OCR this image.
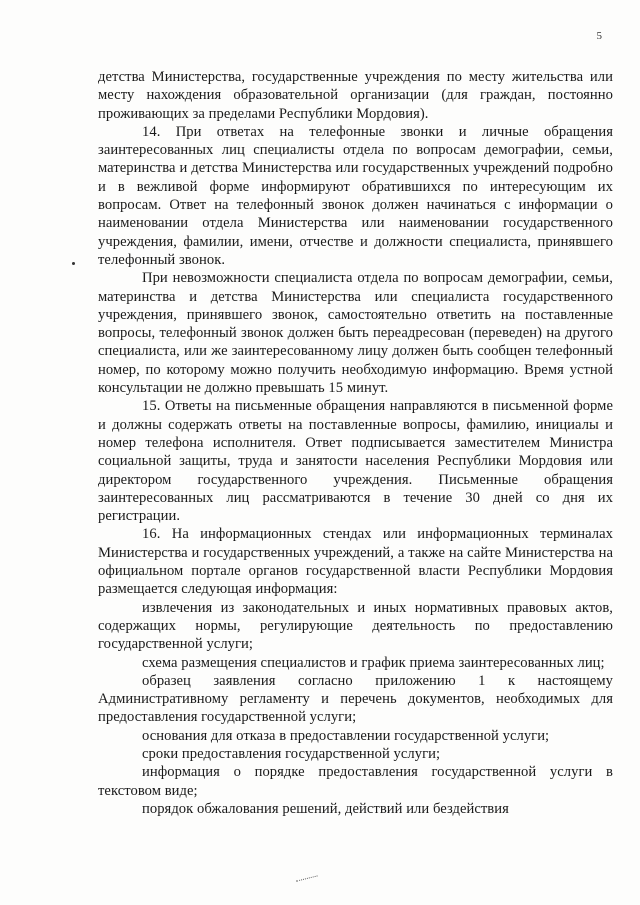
5

детства Министерства, государственные учреждения по месту жительства или месту нахождения образовательной организации (для граждан, постоянно проживающих за пределами Республики Мордовия).

14. При ответах на телефонные звонки и личные обращения заинтересованных лиц специалисты отдела по вопросам демографии, семьи, материнства и детства Министерства или государственных учреждений подробно и в вежливой форме информируют обратившихся по интересующим их вопросам. Ответ на телефонный звонок должен начинаться с информации о наименовании отдела Министерства или наименовании государственного учреждения, фамилии, имени, отчестве и должности специалиста, принявшего телефонный звонок.

При невозможности специалиста отдела по вопросам демографии, семьи, материнства и детства Министерства или специалиста государственного учреждения, принявшего звонок, самостоятельно ответить на поставленные вопросы, телефонный звонок должен быть переадресован (переведен) на другого специалиста, или же заинтересованному лицу должен быть сообщен телефонный номер, по которому можно получить необходимую информацию. Время устной консультации не должно превышать 15 минут.

15. Ответы на письменные обращения направляются в письменной форме и должны содержать ответы на поставленные вопросы, фамилию, инициалы и номер телефона исполнителя. Ответ подписывается заместителем Министра социальной защиты, труда и занятости населения Республики Мордовия или директором государственного учреждения. Письменные обращения заинтересованных лиц рассматриваются в течение 30 дней со дня их регистрации.

16. На информационных стендах или информационных терминалах Министерства и государственных учреждений, а также на сайте Министерства на официальном портале органов государственной власти Республики Мордовия размещается следующая информация:

извлечения из законодательных и иных нормативных правовых актов, содержащих нормы, регулирующие деятельность по предоставлению государственной услуги;

схема размещения специалистов и график приема заинтересованных лиц;

образец заявления согласно приложению 1 к настоящему Административному регламенту и перечень документов, необходимых для предоставления государственной услуги;

основания для отказа в предоставлении государственной услуги;

сроки предоставления государственной услуги;

информация о порядке предоставления государственной услуги в текстовом виде;

порядок обжалования решений, действий или бездействия
